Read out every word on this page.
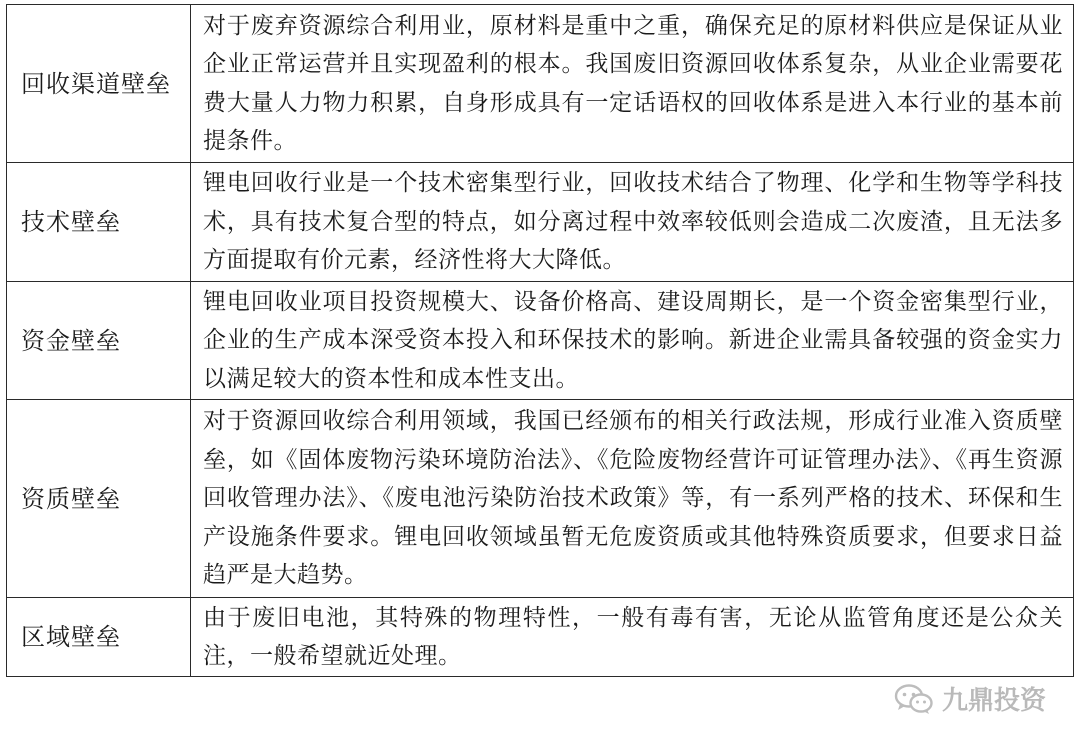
回收渠道壁垒	对于废弃资源综合利用业，原材料是重中之重，确保充足的原材料供应是保证从业企业正常运营并且实现盈利的根本。我国废旧资源回收体系复杂，从业企业需要花费大量人力物力积累，自身形成具有一定话语权的回收体系是进入本行业的基本前提条件。
技术壁垒	锂电回收行业是一个技术密集型行业，回收技术结合了物理、化学和生物等学科技术，具有技术复合型的特点，如分离过程中效率较低则会造成二次废渣，且无法多方面提取有价元素，经济性将大大降低。
资金壁垒	锂电回收业项目投资规模大、设备价格高、建设周期长，是一个资金密集型行业，企业的生产成本深受资本投入和环保技术的影响。新进企业需具备较强的资金实力以满足较大的资本性和成本性支出。
资质壁垒	对于资源回收综合利用领域，我国已经颁布的相关行政法规，形成行业准入资质壁垒，如《固体废物污染环境防治法》、《危险废物经营许可证管理办法》、《再生资源回收管理办法》、《废电池污染防治技术政策》等，有一系列严格的技术、环保和生产设施条件要求。锂电回收领域虽暂无危废资质或其他特殊资质要求，但要求日益趋严是大趋势。
区域壁垒	由于废旧电池，其特殊的物理特性，一般有毒有害，无论从监管角度还是公众关注，一般希望就近处理。
九鼎投资
